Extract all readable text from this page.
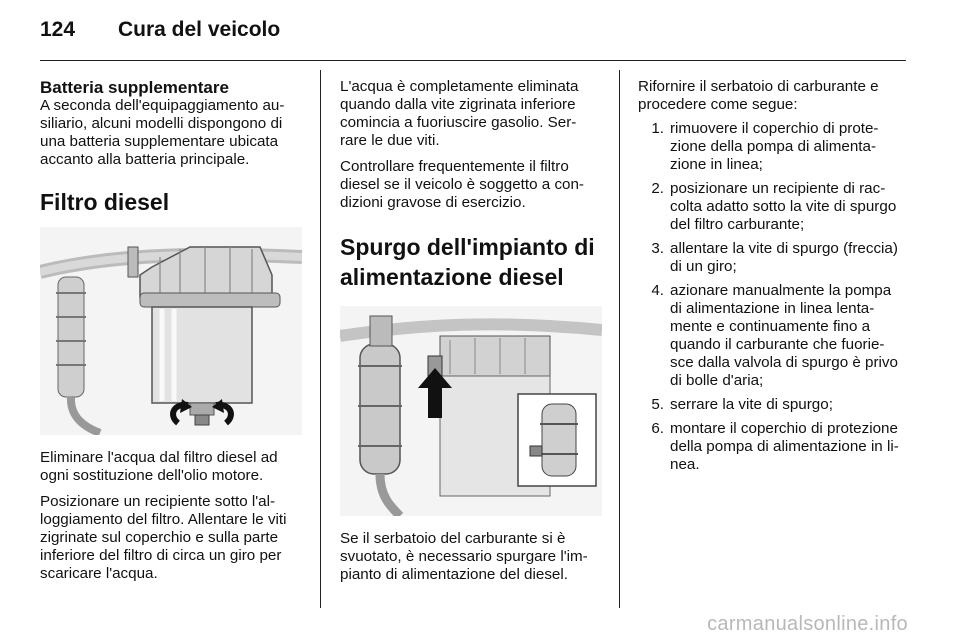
124	Cura del veicolo
Batteria supplementare

A seconda dell'equipaggiamento au-siliario, alcuni modelli dispongono di una batteria supplementare ubicata accanto alla batteria principale.

Filtro diesel

Eliminare l'acqua dal filtro diesel ad ogni sostituzione dell'olio motore.

Posizionare un recipiente sotto l'al-loggiamento del filtro. Allentare le viti zigrinate sul coperchio e sulla parte inferiore del filtro di circa un giro per scaricare l'acqua.

L'acqua è completamente eliminata quando dalla vite zigrinata inferiore comincia a fuoriuscire gasolio. Ser-rare le due viti.

Controllare frequentemente il filtro diesel se il veicolo è soggetto a con-dizioni gravose di esercizio.

Spurgo dell'impianto di
alimentazione diesel

Se il serbatoio del carburante si è svuotato, è necessario spurgare l'im-pianto di alimentazione del diesel.

Rifornire il serbatoio di carburante e procedere come segue:

1. rimuovere il coperchio di prote-zione della pompa di alimenta-zione in linea;
2. posizionare un recipiente di rac-colta adatto sotto la vite di spurgo del filtro carburante;
3. allentare la vite di spurgo (freccia) di un giro;
4. azionare manualmente la pompa di alimentazione in linea lenta-mente e continuamente fino a quando il carburante che fuorie-sce dalla valvola di spurgo è privo di bolle d'aria;
5. serrare la vite di spurgo;
6. montare il coperchio di protezione della pompa di alimentazione in li-nea.
carmanualsonline.info
